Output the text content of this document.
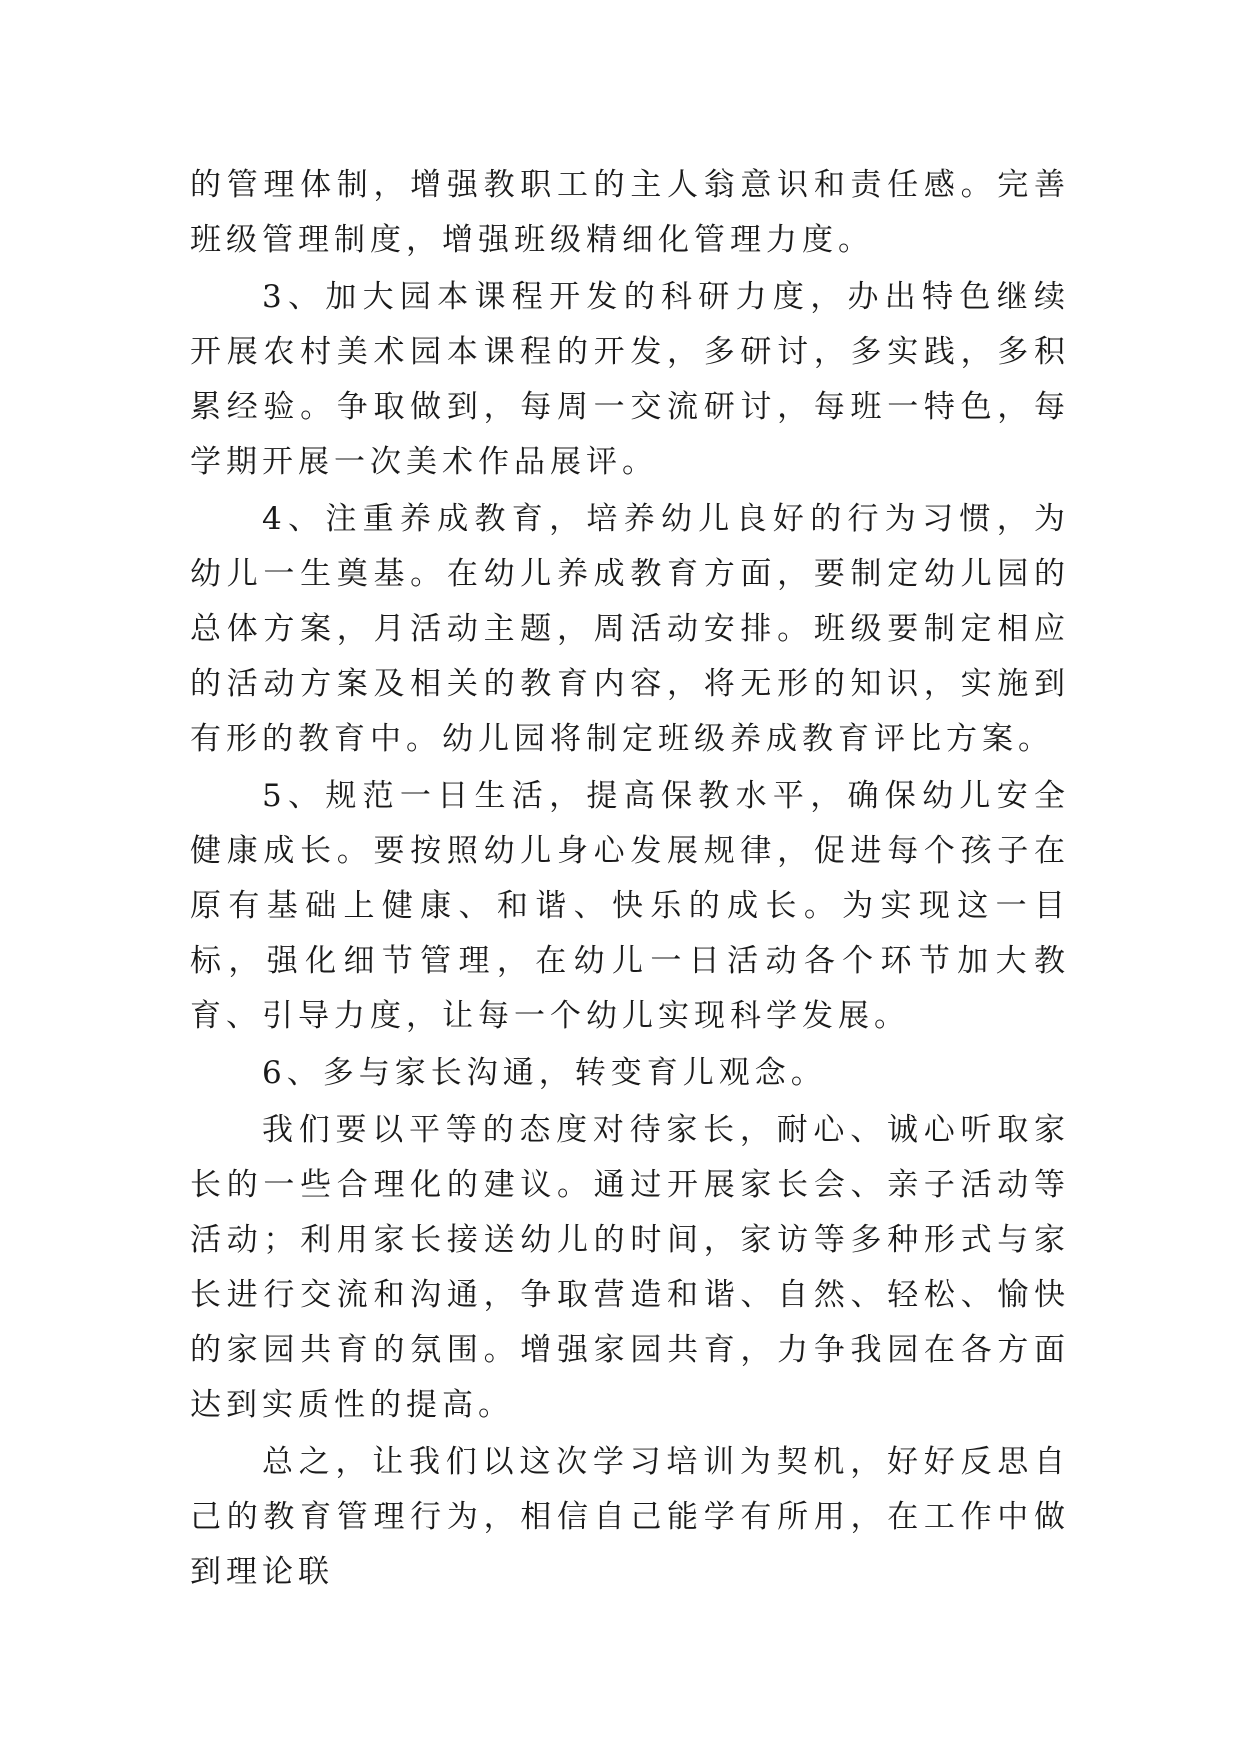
的管理体制，增强教职工的主人翁意识和责任感。完善班级管理制度，增强班级精细化管理力度。

3、加大园本课程开发的科研力度，办出特色继续开展农村美术园本课程的开发，多研讨，多实践，多积累经验。争取做到，每周一交流研讨，每班一特色，每学期开展一次美术作品展评。

4、注重养成教育，培养幼儿良好的行为习惯，为幼儿一生奠基。在幼儿养成教育方面，要制定幼儿园的总体方案，月活动主题，周活动安排。班级要制定相应的活动方案及相关的教育内容，将无形的知识，实施到有形的教育中。幼儿园将制定班级养成教育评比方案。

5、规范一日生活，提高保教水平，确保幼儿安全健康成长。要按照幼儿身心发展规律，促进每个孩子在原有基础上健康、和谐、快乐的成长。为实现这一目标，强化细节管理，在幼儿一日活动各个环节加大教育、引导力度，让每一个幼儿实现科学发展。

6、多与家长沟通，转变育儿观念。

我们要以平等的态度对待家长，耐心、诚心听取家长的一些合理化的建议。通过开展家长会、亲子活动等活动；利用家长接送幼儿的时间，家访等多种形式与家长进行交流和沟通，争取营造和谐、自然、轻松、愉快的家园共育的氛围。增强家园共育，力争我园在各方面达到实质性的提高。

总之，让我们以这次学习培训为契机，好好反思自己的教育管理行为，相信自己能学有所用，在工作中做到理论联
